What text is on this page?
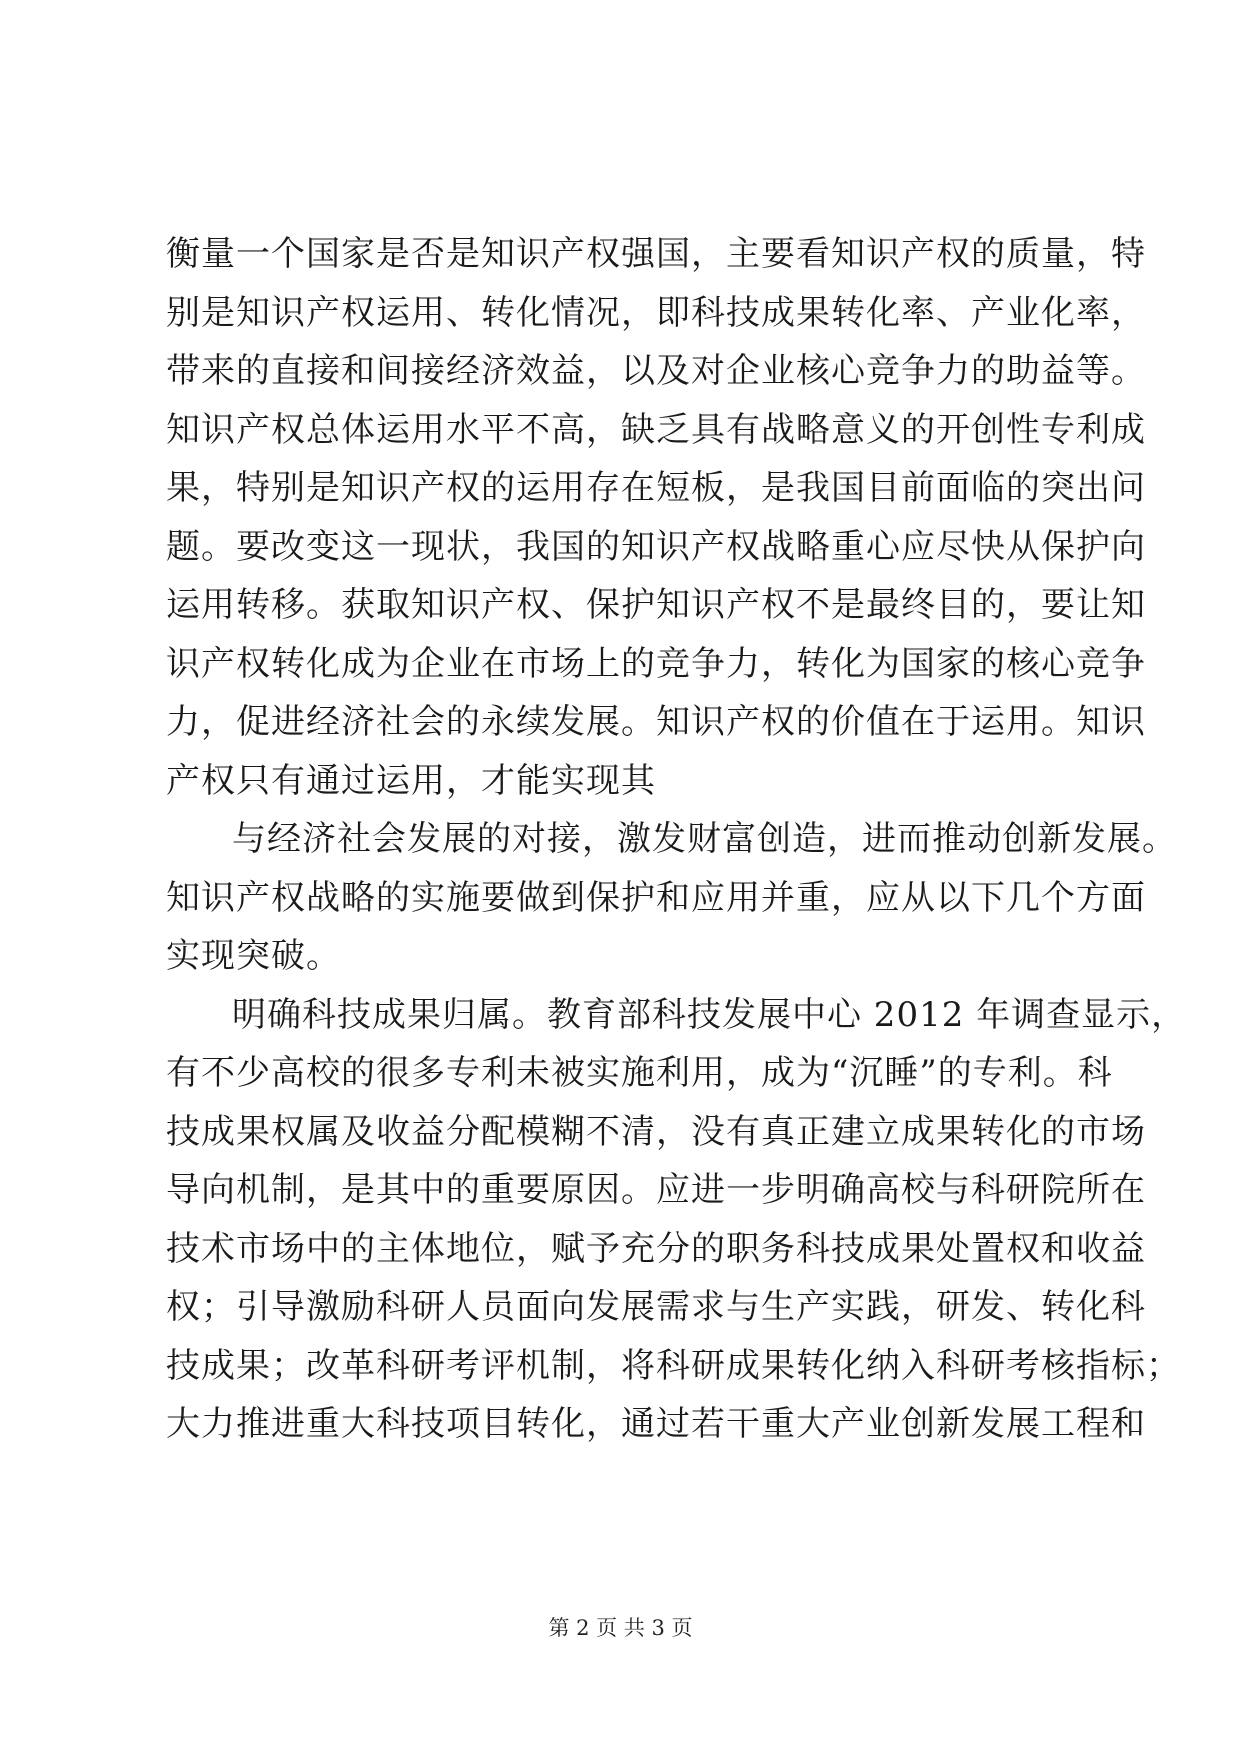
衡量一个国家是否是知识产权强国，主要看知识产权的质量，特
别是知识产权运用、转化情况，即科技成果转化率、产业化率，
带来的直接和间接经济效益，以及对企业核心竞争力的助益等。
知识产权总体运用水平不高，缺乏具有战略意义的开创性专利成
果，特别是知识产权的运用存在短板，是我国目前面临的突出问
题。要改变这一现状，我国的知识产权战略重心应尽快从保护向
运用转移。获取知识产权、保护知识产权不是最终目的，要让知
识产权转化成为企业在市场上的竞争力，转化为国家的核心竞争
力，促进经济社会的永续发展。知识产权的价值在于运用。知识
产权只有通过运用，才能实现其
与经济社会发展的对接，激发财富创造，进而推动创新发展。
知识产权战略的实施要做到保护和应用并重，应从以下几个方面
实现突破。
明确科技成果归属。教育部科技发展中心 2012 年调查显示，
有不少高校的很多专利未被实施利用，成为“沉睡”的专利。科
技成果权属及收益分配模糊不清，没有真正建立成果转化的市场
导向机制，是其中的重要原因。应进一步明确高校与科研院所在
技术市场中的主体地位，赋予充分的职务科技成果处置权和收益
权；引导激励科研人员面向发展需求与生产实践，研发、转化科
技成果；改革科研考评机制，将科研成果转化纳入科研考核指标；
大力推进重大科技项目转化，通过若干重大产业创新发展工程和
第 2 页 共 3 页
